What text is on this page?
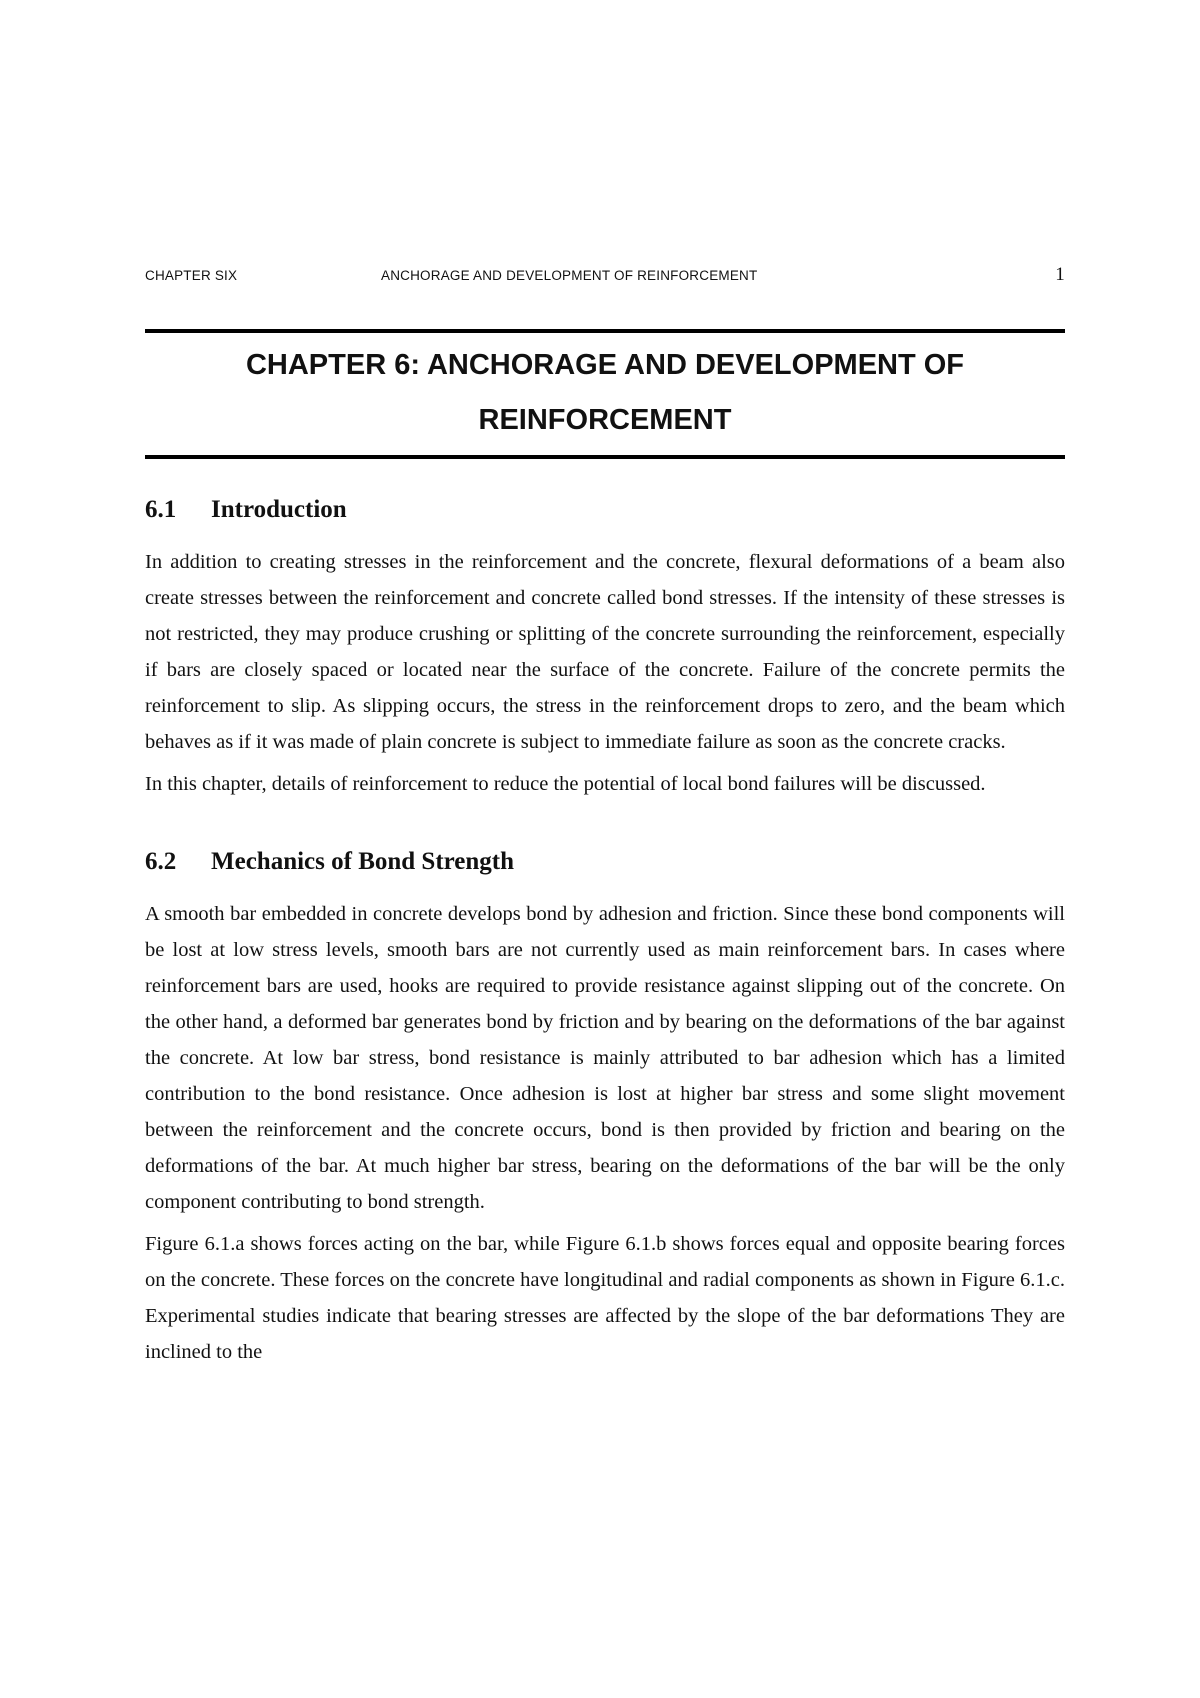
CHAPTER SIX	ANCHORAGE AND DEVELOPMENT OF REINFORCEMENT	1
CHAPTER 6: ANCHORAGE AND DEVELOPMENT OF
REINFORCEMENT
6.1 Introduction

In addition to creating stresses in the reinforcement and the concrete, flexural deformations of a beam also create stresses between the reinforcement and concrete called bond stresses. If the intensity of these stresses is not restricted, they may produce crushing or splitting of the concrete surrounding the reinforcement, especially if bars are closely spaced or located near the surface of the concrete. Failure of the concrete permits the reinforcement to slip. As slipping occurs, the stress in the reinforcement drops to zero, and the beam which behaves as if it was made of plain concrete is subject to immediate failure as soon as the concrete cracks.

In this chapter, details of reinforcement to reduce the potential of local bond failures will be discussed.

6.2 Mechanics of Bond Strength

A smooth bar embedded in concrete develops bond by adhesion and friction. Since these bond components will be lost at low stress levels, smooth bars are not currently used as main reinforcement bars. In cases where reinforcement bars are used, hooks are required to provide resistance against slipping out of the concrete. On the other hand, a deformed bar generates bond by friction and by bearing on the deformations of the bar against the concrete. At low bar stress, bond resistance is mainly attributed to bar adhesion which has a limited contribution to the bond resistance. Once adhesion is lost at higher bar stress and some slight movement between the reinforcement and the concrete occurs, bond is then provided by friction and bearing on the deformations of the bar. At much higher bar stress, bearing on the deformations of the bar will be the only component contributing to bond strength.

Figure 6.1.a shows forces acting on the bar, while Figure 6.1.b shows forces equal and opposite bearing forces on the concrete. These forces on the concrete have longitudinal and radial components as shown in Figure 6.1.c. Experimental studies indicate that bearing stresses are affected by the slope of the bar deformations They are inclined to the
